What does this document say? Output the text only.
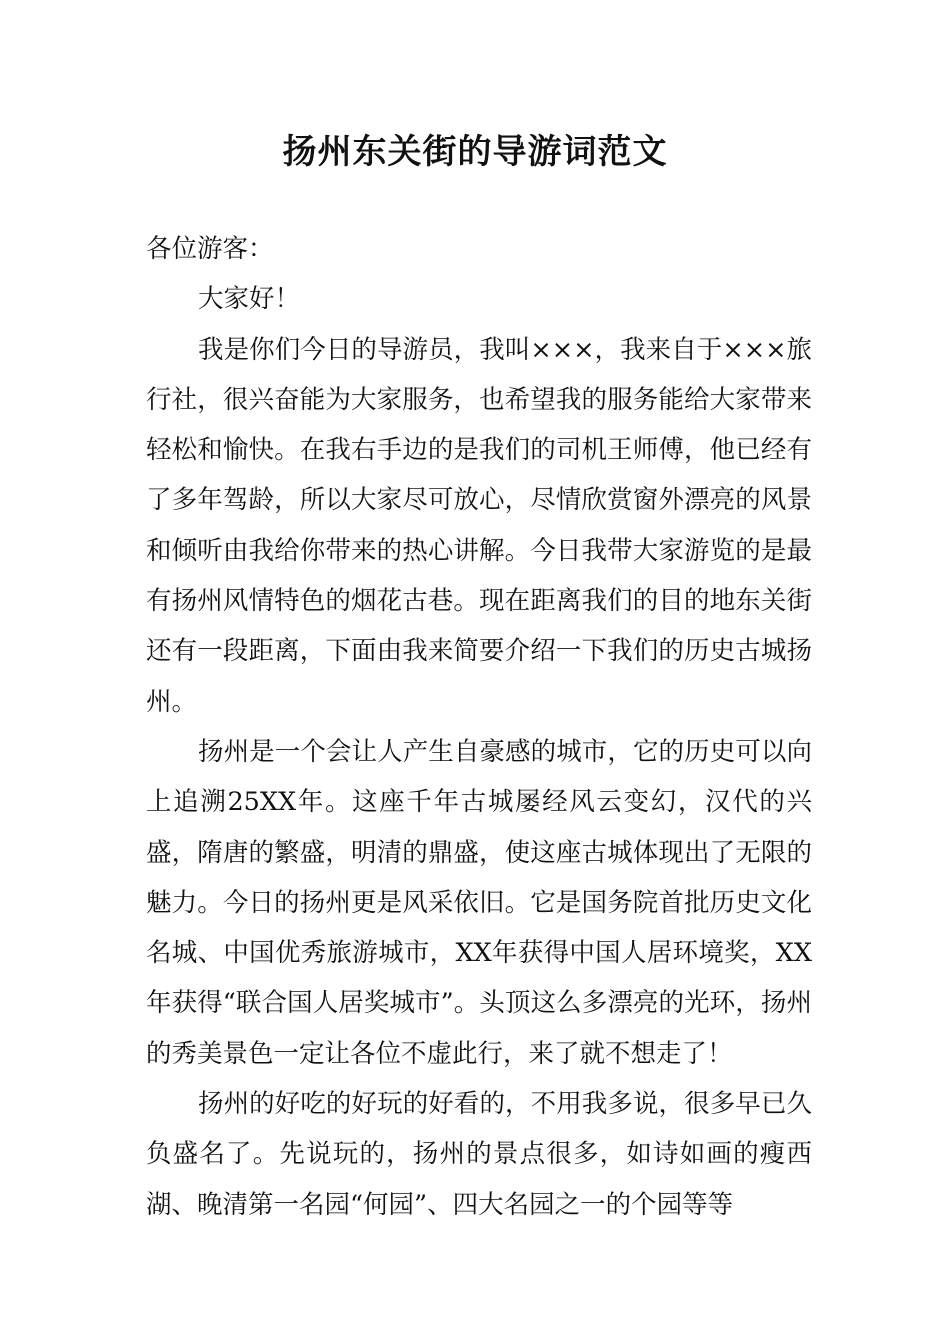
扬州东关街的导游词范文

各位游客：

大家好！

我是你们今日的导游员，我叫×××，我来自于×××旅行社，很兴奋能为大家服务，也希望我的服务能给大家带来轻松和愉快。在我右手边的是我们的司机王师傅，他已经有了多年驾龄，所以大家尽可放心，尽情欣赏窗外漂亮的风景和倾听由我给你带来的热心讲解。今日我带大家游览的是最有扬州风情特色的烟花古巷。现在距离我们的目的地东关街还有一段距离，下面由我来简要介绍一下我们的历史古城扬州。

扬州是一个会让人产生自豪感的城市，它的历史可以向上追溯25XX年。这座千年古城屡经风云变幻，汉代的兴盛，隋唐的繁盛，明清的鼎盛，使这座古城体现出了无限的魅力。今日的扬州更是风采依旧。它是国务院首批历史文化名城、中国优秀旅游城市，XX年获得中国人居环境奖，XX年获得“联合国人居奖城市”。头顶这么多漂亮的光环，扬州的秀美景色一定让各位不虚此行，来了就不想走了！

扬州的好吃的好玩的好看的，不用我多说，很多早已久负盛名了。先说玩的，扬州的景点很多，如诗如画的瘦西湖、晚清第一名园“何园”、四大名园之一的个园等等
